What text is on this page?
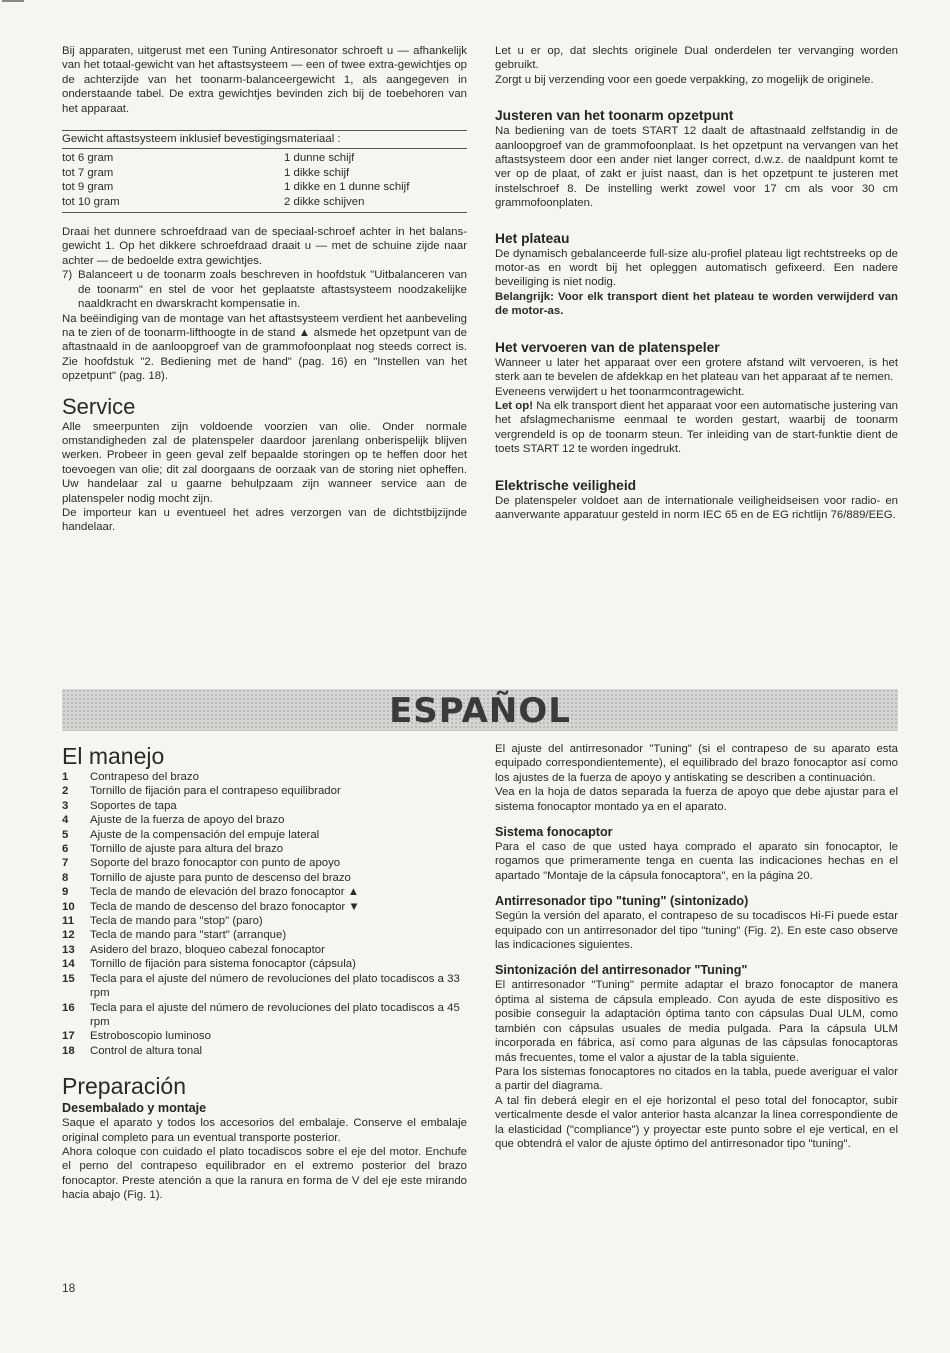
Bij apparaten, uitgerust met een Tuning Antiresonator schroeft u — afhankelijk van het totaal-gewicht van het aftastsysteem — een of twee extra-gewichtjes op de achterzijde van het toonarm-balanceergewicht 1, als aangegeven in onderstaande tabel. De extra gewichtjes bevinden zich bij de toebehoren van het apparaat.

Gewicht aftastsysteem inklusief bevestigingsmateriaal :
tot 6 gram	1 dunne schijf
tot 7 gram	1 dikke schijf
tot 9 gram	1 dikke en 1 dunne schijf
tot 10 gram	2 dikke schijven

Draai het dunnere schroefdraad van de speciaal-schroef achter in het balans-gewicht 1. Op het dikkere schroefdraad draait u — met de schuine zijde naar achter — de bedoelde extra gewichtjes.

7) Balanceert u de toonarm zoals beschreven in hoofdstuk "Uitbalanceren van de toonarm" en stel de voor het geplaatste aftastsysteem noodzakelijke naaldkracht en dwarskracht kompensatie in.

Na beëindiging van de montage van het aftastsysteem verdient het aanbeveling na te zien of de toonarm-lifthoogte in de stand ▲ alsmede het opzetpunt van de aftastnaald in de aanloopgroef van de grammofoonplaat nog steeds correct is. Zie hoofdstuk "2. Bediening met de hand" (pag. 16) en "Instellen van het opzetpunt" (pag. 18).

Service

Alle smeerpunten zijn voldoende voorzien van olie. Onder normale omstandigheden zal de platenspeler daardoor jarenlang onberispelijk blijven werken. Probeer in geen geval zelf bepaalde storingen op te heffen door het toevoegen van olie; dit zal doorgaans de oorzaak van de storing niet opheffen. Uw handelaar zal u gaarne behulpzaam zijn wanneer service aan de platenspeler nodig mocht zijn.

De importeur kan u eventueel het adres verzorgen van de dichtstbijzijnde handelaar.

Let u er op, dat slechts originele Dual onderdelen ter vervanging worden gebruikt.

Zorgt u bij verzending voor een goede verpakking, zo mogelijk de originele.

Justeren van het toonarm opzetpunt

Na bediening van de toets START 12 daalt de aftastnaald zelfstandig in de aanloopgroef van de grammofoonplaat. Is het opzetpunt na vervangen van het aftastsysteem door een ander niet langer correct, d.w.z. de naaldpunt komt te ver op de plaat, of zakt er juist naast, dan is het opzetpunt te justeren met instelschroef 8. De instelling werkt zowel voor 17 cm als voor 30 cm grammofoonplaten.

Het plateau

De dynamisch gebalanceerde full-size alu-profiel plateau ligt rechtstreeks op de motor-as en wordt bij het opleggen automatisch gefixeerd. Een nadere beveiliging is niet nodig.

Belangrijk: Voor elk transport dient het plateau te worden verwijderd van de motor-as.

Het vervoeren van de platenspeler

Wanneer u later het apparaat over een grotere afstand wilt vervoeren, is het sterk aan te bevelen de afdekkap en het plateau van het apparaat af te nemen.

Eveneens verwijdert u het toonarmcontragewicht.

Let op! Na elk transport dient het apparaat voor een automatische justering van het afslagmechanisme eenmaal te worden gestart, waarbij de toonarm vergrendeld is op de toonarm steun. Ter inleiding van de start-funktie dient de toets START 12 te worden ingedrukt.

Elektrische veiligheid

De platenspeler voldoet aan de internationale veiligheidseisen voor radio- en aanverwante apparatuur gesteld in norm IEC 65 en de EG richtlijn 76/889/EEG.

ESPAÑOL
El manejo
1	Contrapeso del brazo
2	Tornillo de fijación para el contrapeso equilibrador
3	Soportes de tapa
4	Ajuste de la fuerza de apoyo del brazo
5	Ajuste de la compensación del empuje lateral
6	Tornillo de ajuste para altura del brazo
7	Soporte del brazo fonocaptor con punto de apoyo
8	Tornillo de ajuste para punto de descenso del brazo
9	Tecla de mando de elevación del brazo fonocaptor ▲
10	Tecla de mando de descenso del brazo fonocaptor ▼
11	Tecla de mando para "stop" (paro)
12	Tecla de mando para "start" (arranque)
13	Asidero del brazo, bloqueo cabezal fonocaptor
14	Tornillo de fijación para sistema fonocaptor (cápsula)
15	Tecla para el ajuste del número de revoluciones del plato tocadiscos a 33 rpm
16	Tecla para el ajuste del número de revoluciones del plato tocadiscos a 45 rpm
17	Estroboscopio luminoso
18	Control de altura tonal
Preparación
Desembalado y montaje

Saque el aparato y todos los accesorios del embalaje. Conserve el embalaje original completo para un eventual transporte posterior.

Ahora coloque con cuidado el plato tocadiscos sobre el eje del motor. Enchufe el perno del contrapeso equilibrador en el extremo posterior del brazo fonocaptor. Preste atención a que la ranura en forma de V del eje este mirando hacia abajo (Fig. 1).

El ajuste del antirresonador "Tuning" (si el contrapeso de su aparato esta equipado correspondientemente), el equilibrado del brazo fonocaptor así como los ajustes de la fuerza de apoyo y antiskating se describen a continuación.

Vea en la hoja de datos separada la fuerza de apoyo que debe ajustar para el sistema fonocaptor montado ya en el aparato.

Sistema fonocaptor

Para el caso de que usted haya comprado el aparato sin fonocaptor, le rogamos que primeramente tenga en cuenta las indicaciones hechas en el apartado "Montaje de la cápsula fonocaptora", en la página 20.

Antirresonador tipo "tuning" (sintonizado)

Según la versión del aparato, el contrapeso de su tocadiscos Hi-Fi puede estar equipado con un antirresonador del tipo "tuning" (Fig. 2). En este caso observe las indicaciones siguientes.

Sintonización del antirresonador "Tuning"

El antirresonador "Tuning" permite adaptar el brazo fonocaptor de manera óptima al sistema de cápsula empleado. Con ayuda de este dispositivo es posibie conseguir la adaptación óptima tanto con cápsulas Dual ULM, como también con cápsulas usuales de media pulgada. Para la cápsula ULM incorporada en fábrica, así como para algunas de las cápsulas fonocaptoras más frecuentes, tome el valor a ajustar de la tabla siguiente.

Para los sistemas fonocaptores no citados en la tabla, puede averiguar el valor a partir del diagrama.

A tal fin deberá elegir en el eje horizontal el peso total del fonocaptor, subir verticalmente desde el valor anterior hasta alcanzar la linea correspondiente de la elasticidad ("compliance") y proyectar este punto sobre el eje vertical, en el que obtendrá el valor de ajuste óptimo del antirresonador tipo "tuning".

18
